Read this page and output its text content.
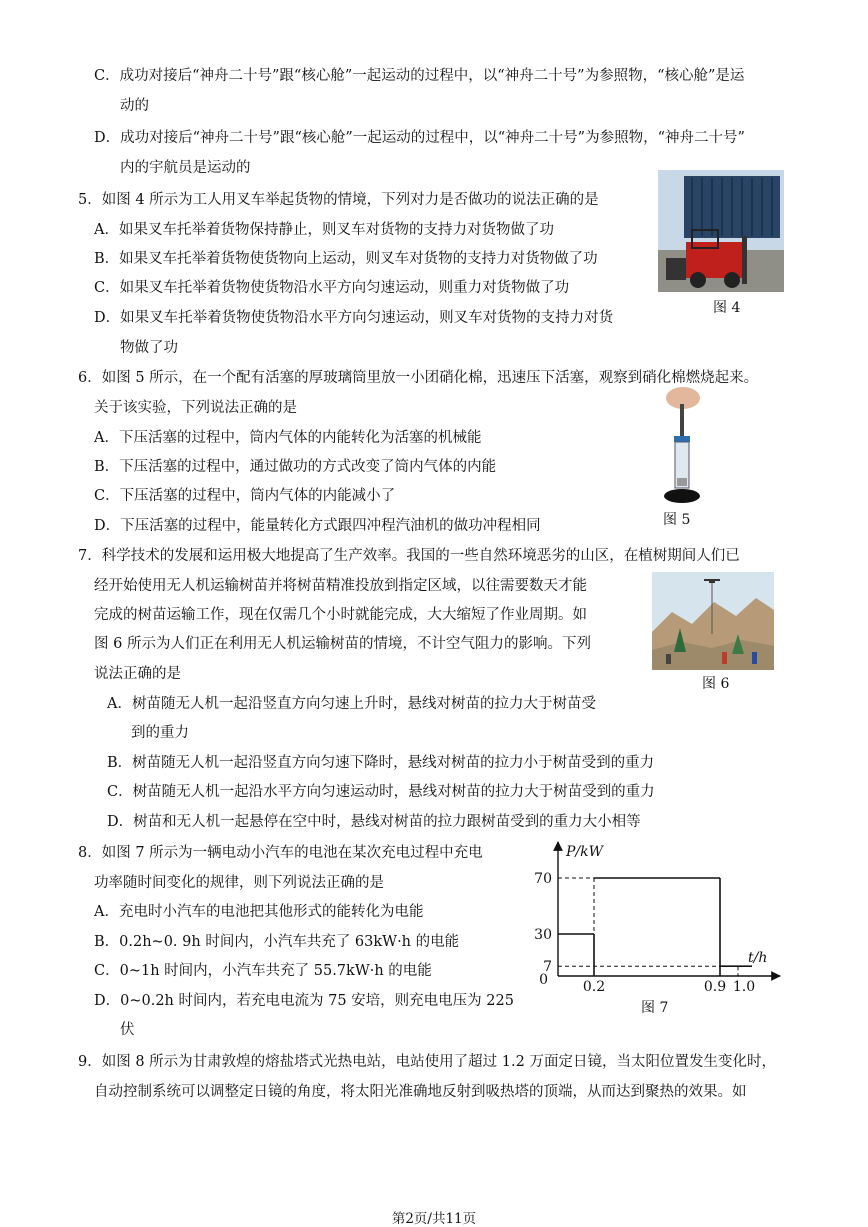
C．成功对接后“神舟二十号”跟“核心舱”一起运动的过程中，以“神舟二十号”为参照物，“核心舱”是运
动的
D．成功对接后“神舟二十号”跟“核心舱”一起运动的过程中，以“神舟二十号”为参照物，“神舟二十号”
内的宇航员是运动的
5．如图 4 所示为工人用叉车举起货物的情境，下列对力是否做功的说法正确的是
A．如果叉车托举着货物保持静止，则叉车对货物的支持力对货物做了功
B．如果叉车托举着货物使货物向上运动，则叉车对货物的支持力对货物做了功
C．如果叉车托举着货物使货物沿水平方向匀速运动，则重力对货物做了功
D．如果叉车托举着货物使货物沿水平方向匀速运动，则叉车对货物的支持力对货
物做了功
图 4
6．如图 5 所示，在一个配有活塞的厚玻璃筒里放一小团硝化棉，迅速压下活塞，观察到硝化棉燃烧起来。
关于该实验，下列说法正确的是
A．下压活塞的过程中，筒内气体的内能转化为活塞的机械能
B．下压活塞的过程中，通过做功的方式改变了筒内气体的内能
C．下压活塞的过程中，筒内气体的内能减小了
D．下压活塞的过程中，能量转化方式跟四冲程汽油机的做功冲程相同	图 5
7．科学技术的发展和运用极大地提高了生产效率。我国的一些自然环境恶劣的山区，在植树期间人们已
经开始使用无人机运输树苗并将树苗精准投放到指定区域，以往需要数天才能
完成的树苗运输工作，现在仅需几个小时就能完成，大大缩短了作业周期。如
图 6 所示为人们正在利用无人机运输树苗的情境，不计空气阻力的影响。下列
说法正确的是
A．树苗随无人机一起沿竖直方向匀速上升时，悬线对树苗的拉力大于树苗受
到的重力
B．树苗随无人机一起沿竖直方向匀速下降时，悬线对树苗的拉力小于树苗受到的重力
C．树苗随无人机一起沿水平方向匀速运动时，悬线对树苗的拉力大于树苗受到的重力
D．树苗和无人机一起悬停在空中时，悬线对树苗的拉力跟树苗受到的重力大小相等
图 6
8．如图 7 所示为一辆电动小汽车的电池在某次充电过程中充电
功率随时间变化的规律，则下列说法正确的是
A．充电时小汽车的电池把其他形式的能转化为电能
B．0.2h~0. 9h 时间内，小汽车共充了 63kW·h 的电能
C．0~1h 时间内，小汽车共充了 55.7kW·h 的电能
D．0~0.2h 时间内，若充电电流为 75 安培，则充电电压为 225
伏
70
30
7
0.2	0.9 1.0
0
P/kW
t/h
图 7
9．如图 8 所示为甘肃敦煌的熔盐塔式光热电站，电站使用了超过 1.2 万面定日镜，当太阳位置发生变化时，
自动控制系统可以调整定日镜的角度，将太阳光准确地反射到吸热塔的顶端，从而达到聚热的效果。如
第2页/共11页
